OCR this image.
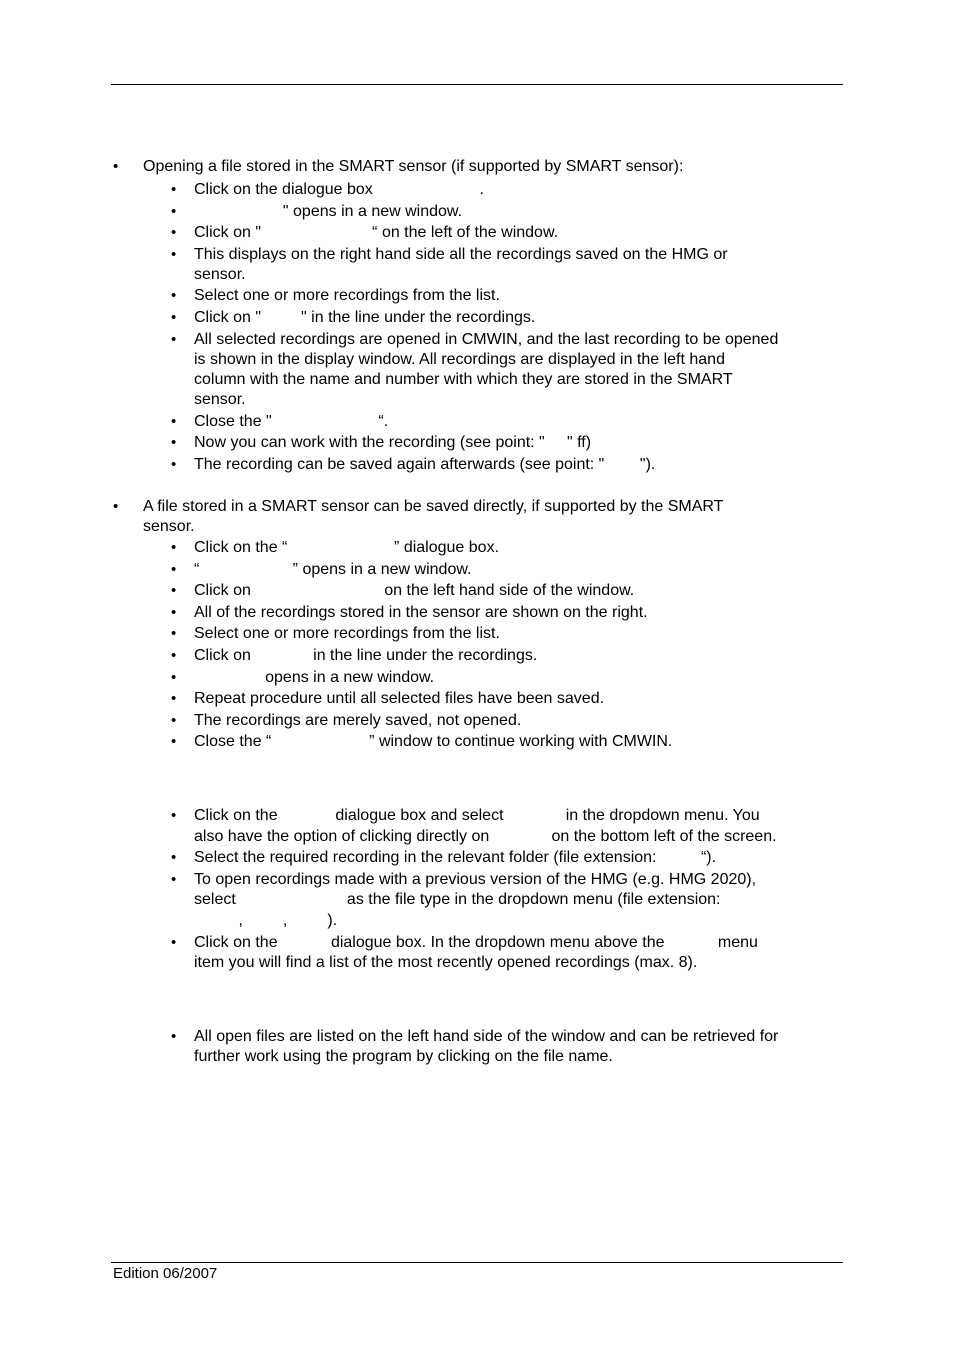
• Opening a file stored in the SMART sensor (if supported by SMART sensor):
• Click on the dialogue box                        .
• " opens in a new window.
• Click on "                         “ on the left of the window.
• This displays on the right hand side all the recordings saved on the HMG or
sensor.
• Select one or more recordings from the list.
• Click on "         " in the line under the recordings.
• All selected recordings are opened in CMWIN, and the last recording to be opened
is shown in the display window. All recordings are displayed in the left hand
column with the name and number with which they are stored in the SMART
sensor.
• Close the "                        “.
• Now you can work with the recording (see point: "     " ff)
• The recording can be saved again afterwards (see point: "        ").
• A file stored in a SMART sensor can be saved directly, if supported by the SMART
sensor.
• Click on the “                        ” dialogue box.
• “                     ” opens in a new window.
• Click on                              on the left hand side of the window.
• All of the recordings stored in the sensor are shown on the right.
• Select one or more recordings from the list.
• Click on              in the line under the recordings.
• opens in a new window.
• Repeat procedure until all selected files have been saved.
• The recordings are merely saved, not opened.
• Close the “                      ” window to continue working with CMWIN.
• Click on the             dialogue box and select              in the dropdown menu. You
also have the option of clicking directly on              on the bottom left of the screen.
• Select the required recording in the relevant folder (file extension:          “).
• To open recordings made with a previous version of the HMG (e.g. HMG 2020),
select                         as the file type in the dropdown menu (file extension:
,         ,         ).
• Click on the            dialogue box. In the dropdown menu above the            menu
item you will find a list of the most recently opened recordings (max. 8).
• All open files are listed on the left hand side of the window and can be retrieved for
further work using the program by clicking on the file name.
Edition 06/2007
